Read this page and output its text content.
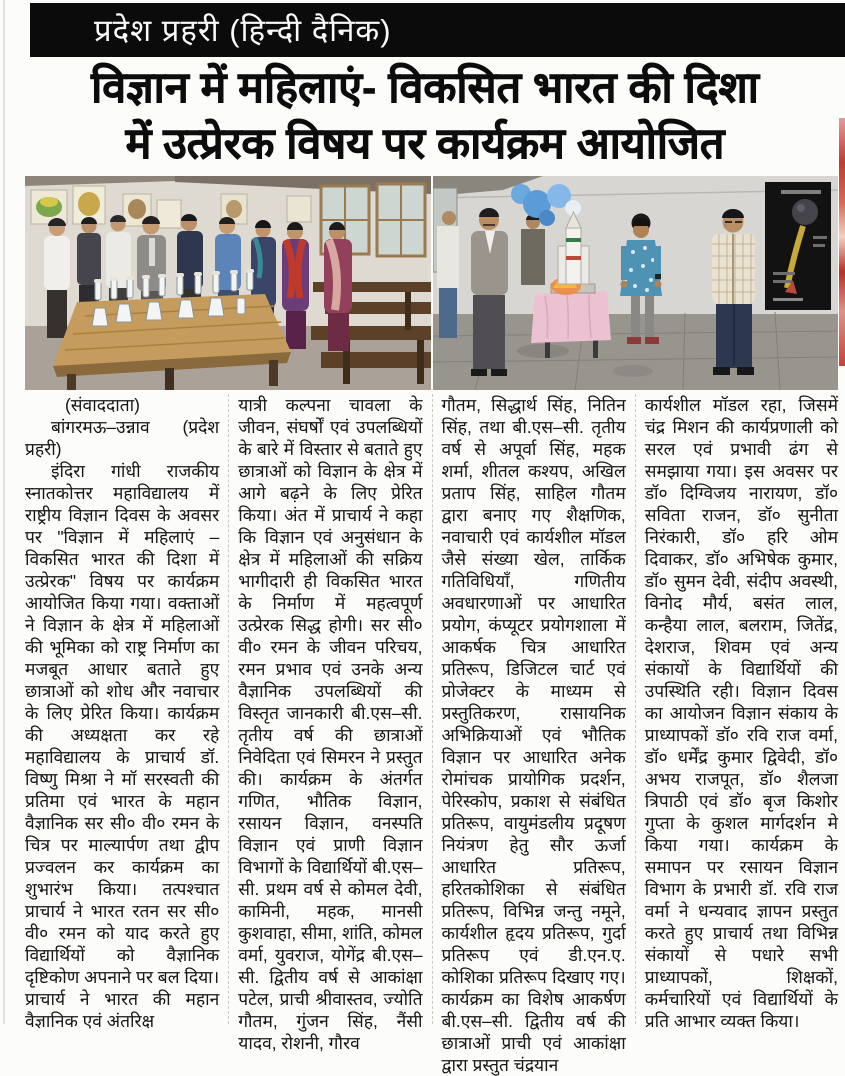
प्रदेश प्रहरी (हिन्दी दैनिक)
विज्ञान में महिलाएं- विकसित भारत की दिशा
में उत्प्रेरक विषय पर कार्यक्रम आयोजित

(संवाददाता)

बांगरमऊ–उन्नाव (प्रदेश प्रहरी)

इंदिरा गांधी राजकीय स्नातकोत्तर महाविद्यालय में राष्ट्रीय विज्ञान दिवस के अवसर पर "विज्ञान में महिलाएं – विकसित भारत की दिशा में उत्प्रेरक" विषय पर कार्यक्रम आयोजित किया गया। वक्ताओं ने विज्ञान के क्षेत्र में महिलाओं की भूमिका को राष्ट्र निर्माण का मजबूत आधार बताते हुए छात्राओं को शोध और नवाचार के लिए प्रेरित किया। कार्यक्रम की अध्यक्षता कर रहे महाविद्यालय के प्राचार्य डॉ. विष्णु मिश्रा ने मॉ सरस्वती की प्रतिमा एवं भारत के महान वैज्ञानिक सर सी० वी० रमन के चित्र पर माल्यार्पण तथा द्वीप प्रज्वलन कर कार्यक्रम का शुभारंभ किया। तत्पश्चात प्राचार्य ने भारत रतन सर सी० वी० रमन को याद करते हुए विद्यार्थियों को वैज्ञानिक दृष्टिकोण अपनाने पर बल दिया। प्राचार्य ने भारत की महान वैज्ञानिक एवं अंतरिक्ष

यात्री कल्पना चावला के जीवन, संघर्षों एवं उपलब्धियों के बारे में विस्तार से बताते हुए छात्राओं को विज्ञान के क्षेत्र में आगे बढ़ने के लिए प्रेरित किया। अंत में प्राचार्य ने कहा कि विज्ञान एवं अनुसंधान के क्षेत्र में महिलाओं की सक्रिय भागीदारी ही विकसित भारत के निर्माण में महत्वपूर्ण उत्प्रेरक सिद्ध होगी। सर सी० वी० रमन के जीवन परिचय, रमन प्रभाव एवं उनके अन्य वैज्ञानिक उपलब्धियों की विस्तृत जानकारी बी.एस–सी. तृतीय वर्ष की छात्राओं निवेदिता एवं सिमरन ने प्रस्तुत की। कार्यक्रम के अंतर्गत गणित, भौतिक विज्ञान, रसायन विज्ञान, वनस्पति विज्ञान एवं प्राणी विज्ञान विभागों के विद्यार्थियों बी.एस–सी. प्रथम वर्ष से कोमल देवी, कामिनी, महक, मानसी कुशवाहा, सीमा, शांति, कोमल वर्मा, युवराज, योगेंद्र बी.एस–सी. द्वितीय वर्ष से आकांक्षा पटेल, प्राची श्रीवास्तव, ज्योति गौतम, गुंजन सिंह, नैंसी यादव, रोशनी, गौरव

गौतम, सिद्धार्थ सिंह, नितिन सिंह, तथा बी.एस–सी. तृतीय वर्ष से अपूर्वा सिंह, महक शर्मा, शीतल कश्यप, अखिल प्रताप सिंह, साहिल गौतम द्वारा बनाए गए शैक्षणिक, नवाचारी एवं कार्यशील मॉडल जैसे संख्या खेल, तार्किक गतिविधियाँ, गणितीय अवधारणाओं पर आधारित प्रयोग, कंप्यूटर प्रयोगशाला में आकर्षक चित्र आधारित प्रतिरूप, डिजिटल चार्ट एवं प्रोजेक्टर के माध्यम से प्रस्तुतिकरण, रासायनिक अभिक्रियाओं एवं भौतिक विज्ञान पर आधारित अनेक रोमांचक प्रायोगिक प्रदर्शन, पेरिस्कोप, प्रकाश से संबंधित प्रतिरूप, वायुमंडलीय प्रदूषण नियंत्रण हेतु सौर ऊर्जा आधारित प्रतिरूप, हरितकोशिका से संबंधित प्रतिरूप, विभिन्न जन्तु नमूने, कार्यशील हृदय प्रतिरूप, गुर्दा प्रतिरूप एवं डी.एन.ए. कोशिका प्रतिरूप दिखाए गए। कार्यक्रम का विशेष आकर्षण बी.एस–सी. द्वितीय वर्ष की छात्राओं प्राची एवं आकांक्षा द्वारा प्रस्तुत चंद्रयान

कार्यशील मॉडल रहा, जिसमें चंद्र मिशन की कार्यप्रणाली को सरल एवं प्रभावी ढंग से समझाया गया। इस अवसर पर डॉ० दिग्विजय नारायण, डॉ० सविता राजन, डॉ० सुनीता निरंकारी, डॉ० हरि ओम दिवाकर, डॉ० अभिषेक कुमार, डॉ० सुमन देवी, संदीप अवस्थी, विनोद मौर्य, बसंत लाल, कन्हैया लाल, बलराम, जितेंद्र, देशराज, शिवम एवं अन्य संकायों के विद्यार्थियों की उपस्थिति रही। विज्ञान दिवस का आयोजन विज्ञान संकाय के प्राध्यापकों डॉ० रवि राज वर्मा, डॉ० धर्मेंद्र कुमार द्विवेदी, डॉ० अभय राजपूत, डॉ० शैलजा त्रिपाठी एवं डॉ० बृज किशोर गुप्ता के कुशल मार्गदर्शन मे किया गया। कार्यक्रम के समापन पर रसायन विज्ञान विभाग के प्रभारी डॉ. रवि राज वर्मा ने धन्यवाद ज्ञापन प्रस्तुत करते हुए प्राचार्य तथा विभिन्न संकायों से पधारे सभी प्राध्यापकों, शिक्षकों, कर्मचारियों एवं विद्यार्थियों के प्रति आभार व्यक्त किया।
